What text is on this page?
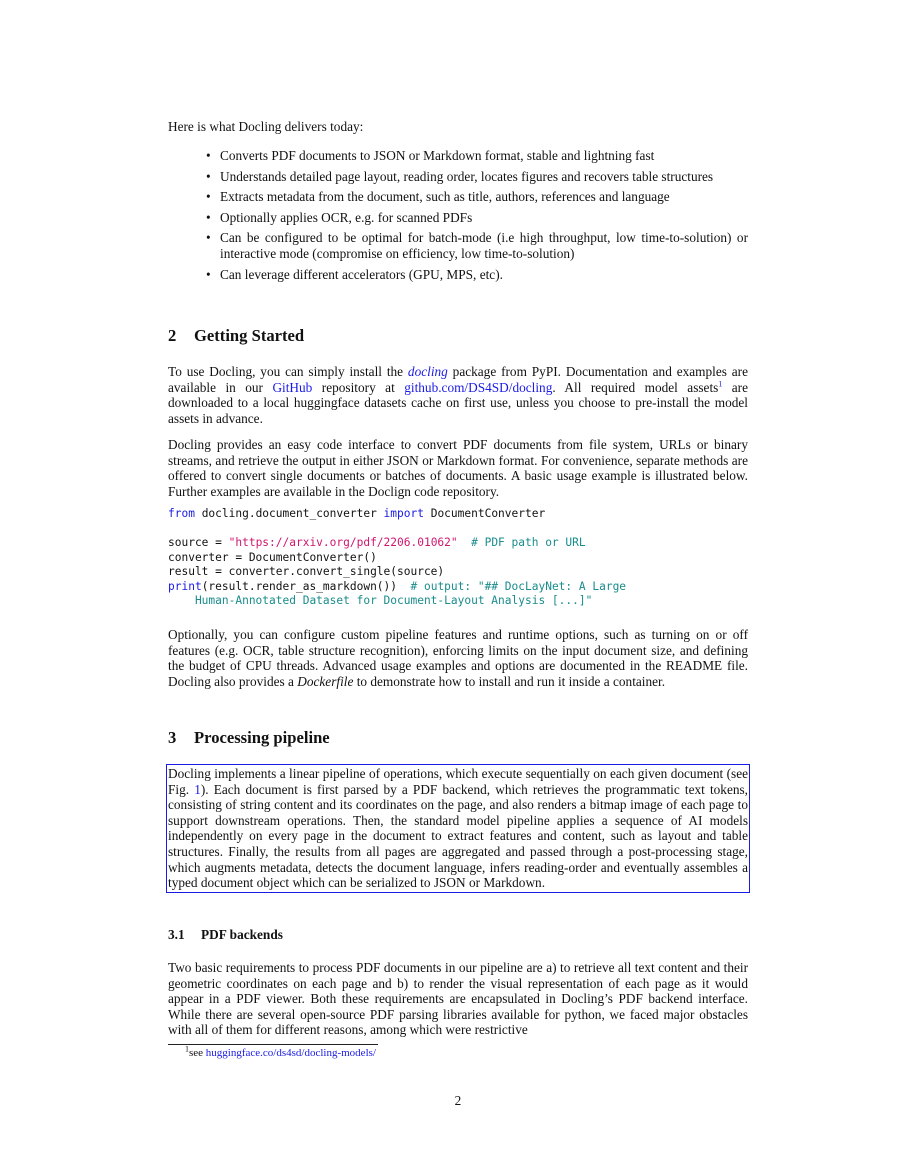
Here is what Docling delivers today:

• Converts PDF documents to JSON or Markdown format, stable and lightning fast
• Understands detailed page layout, reading order, locates figures and recovers table structures
• Extracts metadata from the document, such as title, authors, references and language
• Optionally applies OCR, e.g. for scanned PDFs
• Can be configured to be optimal for batch-mode (i.e high throughput, low time-to-solution) or interactive mode (compromise on efficiency, low time-to-solution)
• Can leverage different accelerators (GPU, MPS, etc).
2 Getting Started

To use Docling, you can simply install the docling package from PyPI. Documentation and examples are available in our GitHub repository at github.com/DS4SD/docling. All required model assets$^1$ are downloaded to a local huggingface datasets cache on first use, unless you choose to pre-install the model assets in advance.

Docling provides an easy code interface to convert PDF documents from file system, URLs or binary streams, and retrieve the output in either JSON or Markdown format. For convenience, separate methods are offered to convert single documents or batches of documents. A basic usage example is illustrated below. Further examples are available in the Doclign code repository.

from docling.document_converter import DocumentConverter

source = "https://arxiv.org/pdf/2206.01062"  # PDF path or URL
converter = DocumentConverter()
result = converter.convert_single(source)
print(result.render_as_markdown())  # output: "## DocLayNet: A Large
Human-Annotated Dataset for Document-Layout Analysis [...]"

Optionally, you can configure custom pipeline features and runtime options, such as turning on or off features (e.g. OCR, table structure recognition), enforcing limits on the input document size, and defining the budget of CPU threads. Advanced usage examples and options are documented in the README file. Docling also provides a Dockerfile to demonstrate how to install and run it inside a container.

3 Processing pipeline

Docling implements a linear pipeline of operations, which execute sequentially on each given document (see Fig. 1). Each document is first parsed by a PDF backend, which retrieves the programmatic text tokens, consisting of string content and its coordinates on the page, and also renders a bitmap image of each page to support downstream operations. Then, the standard model pipeline applies a sequence of AI models independently on every page in the document to extract features and content, such as layout and table structures. Finally, the results from all pages are aggregated and passed through a post-processing stage, which augments metadata, detects the document language, infers reading-order and eventually assembles a typed document object which can be serialized to JSON or Markdown.

3.1 PDF backends

Two basic requirements to process PDF documents in our pipeline are a) to retrieve all text content and their geometric coordinates on each page and b) to render the visual representation of each page as it would appear in a PDF viewer. Both these requirements are encapsulated in Docling’s PDF backend interface. While there are several open-source PDF parsing libraries available for python, we faced major obstacles with all of them for different reasons, among which were restrictive

$^1$see huggingface.co/ds4sd/docling-models/
2
